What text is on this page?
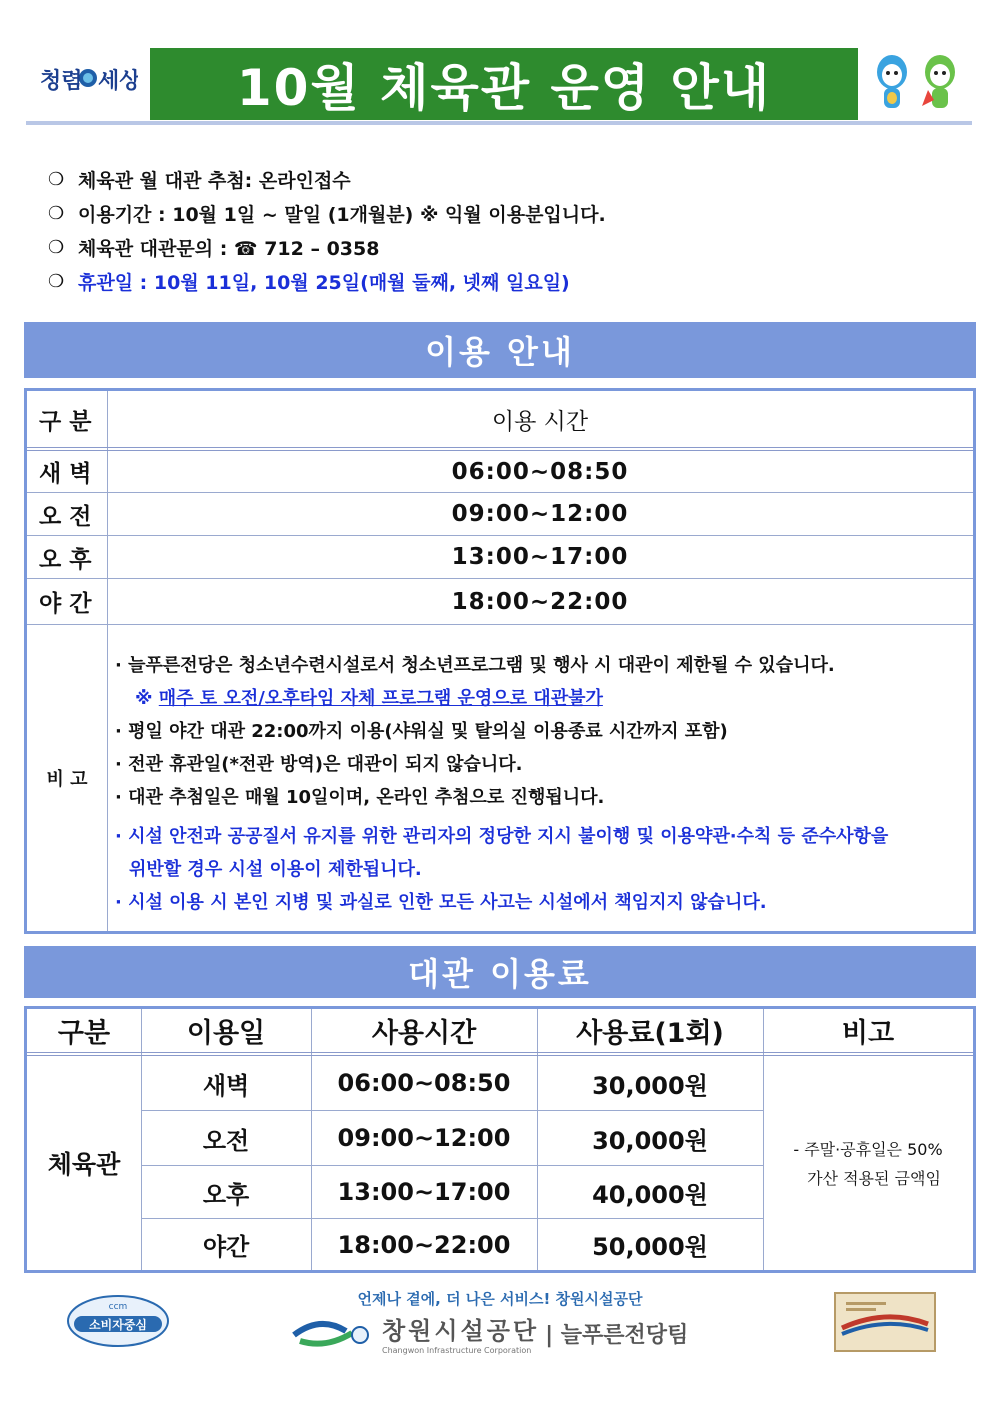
청렴 세상 10월 체육관 운영 안내
❍ 체육관 월 대관 추첨: 온라인접수
❍ 이용기간 : 10월 1일 ~ 말일 (1개월분) ※ 익월 이용분입니다.
❍ 체육관 대관문의 : ☎ 712 – 0358
❍ 휴관일 : 10월 11일, 10월 25일(매월 둘째, 넷째 일요일)
이용 안내
구 분	이용 시간
새 벽	06:00~08:50
오 전	09:00~12:00
오 후	13:00~17:00
야 간	18:00~22:00
비 고
· 늘푸른전당은 청소년수련시설로서 청소년프로그램 및 행사 시 대관이 제한될 수 있습니다.
※ 매주 토 오전/오후타임 자체 프로그램 운영으로 대관불가
· 평일 야간 대관 22:00까지 이용(샤워실 및 탈의실 이용종료 시간까지 포함)
· 전관 휴관일(*전관 방역)은 대관이 되지 않습니다.
· 대관 추첨일은 매월 10일이며, 온라인 추첨으로 진행됩니다.
· 시설 안전과 공공질서 유지를 위한 관리자의 정당한 지시 불이행 및 이용약관·수칙 등 준수사항을
위반할 경우 시설 이용이 제한됩니다.
· 시설 이용 시 본인 지병 및 과실로 인한 모든 사고는 시설에서 책임지지 않습니다.
대관 이용료
구분	이용일	사용시간	사용료(1회)	비고
체육관
새벽	06:00~08:50	30,000원
오전	09:00~12:00	30,000원
오후	13:00~17:00	40,000원
야간	18:00~22:00	50,000원
- 주말·공휴일은 50%
가산 적용된 금액임
언제나 곁에, 더 나은 서비스! 창원시설공단
ccm
소비자중심	창원시설공단
Changwon Infrastructure Corporation
| 늘푸른전당팀
